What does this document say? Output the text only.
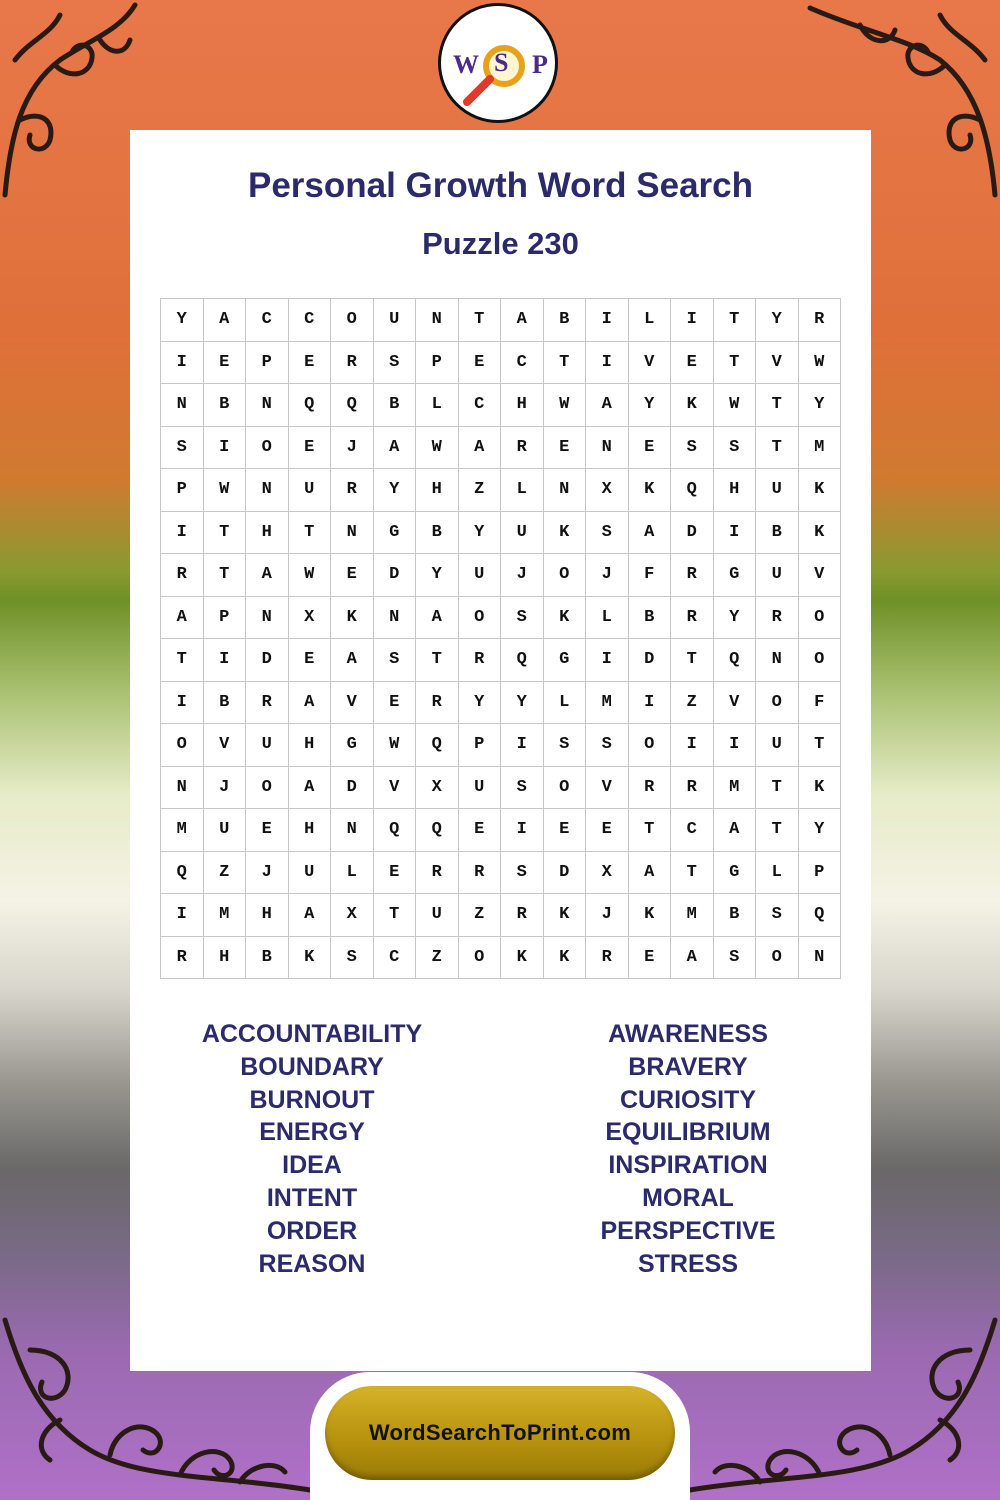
Personal Growth Word Search
Puzzle 230
Y	A	C	C	O	U	N	T	A	B	I	L	I	T	Y	R
I	E	P	E	R	S	P	E	C	T	I	V	E	T	V	W
N	B	N	Q	Q	B	L	C	H	W	A	Y	K	W	T	Y
S	I	O	E	J	A	W	A	R	E	N	E	S	S	T	M
P	W	N	U	R	Y	H	Z	L	N	X	K	Q	H	U	K
I	T	H	T	N	G	B	Y	U	K	S	A	D	I	B	K
R	T	A	W	E	D	Y	U	J	O	J	F	R	G	U	V
A	P	N	X	K	N	A	O	S	K	L	B	R	Y	R	O
T	I	D	E	A	S	T	R	Q	G	I	D	T	Q	N	O
I	B	R	A	V	E	R	Y	Y	L	M	I	Z	V	O	F
O	V	U	H	G	W	Q	P	I	S	S	O	I	I	U	T
N	J	O	A	D	V	X	U	S	O	V	R	R	M	T	K
M	U	E	H	N	Q	Q	E	I	E	E	T	C	A	T	Y
Q	Z	J	U	L	E	R	R	S	D	X	A	T	G	L	P
I	M	H	A	X	T	U	Z	R	K	J	K	M	B	S	Q
R	H	B	K	S	C	Z	O	K	K	R	E	A	S	O	N
ACCOUNTABILITY
BOUNDARY
BURNOUT
ENERGY
IDEA
INTENT
ORDER
REASON
AWARENESS
BRAVERY
CURIOSITY
EQUILIBRIUM
INSPIRATION
MORAL
PERSPECTIVE
STRESS
W S P
WordSearchToPrint.com
